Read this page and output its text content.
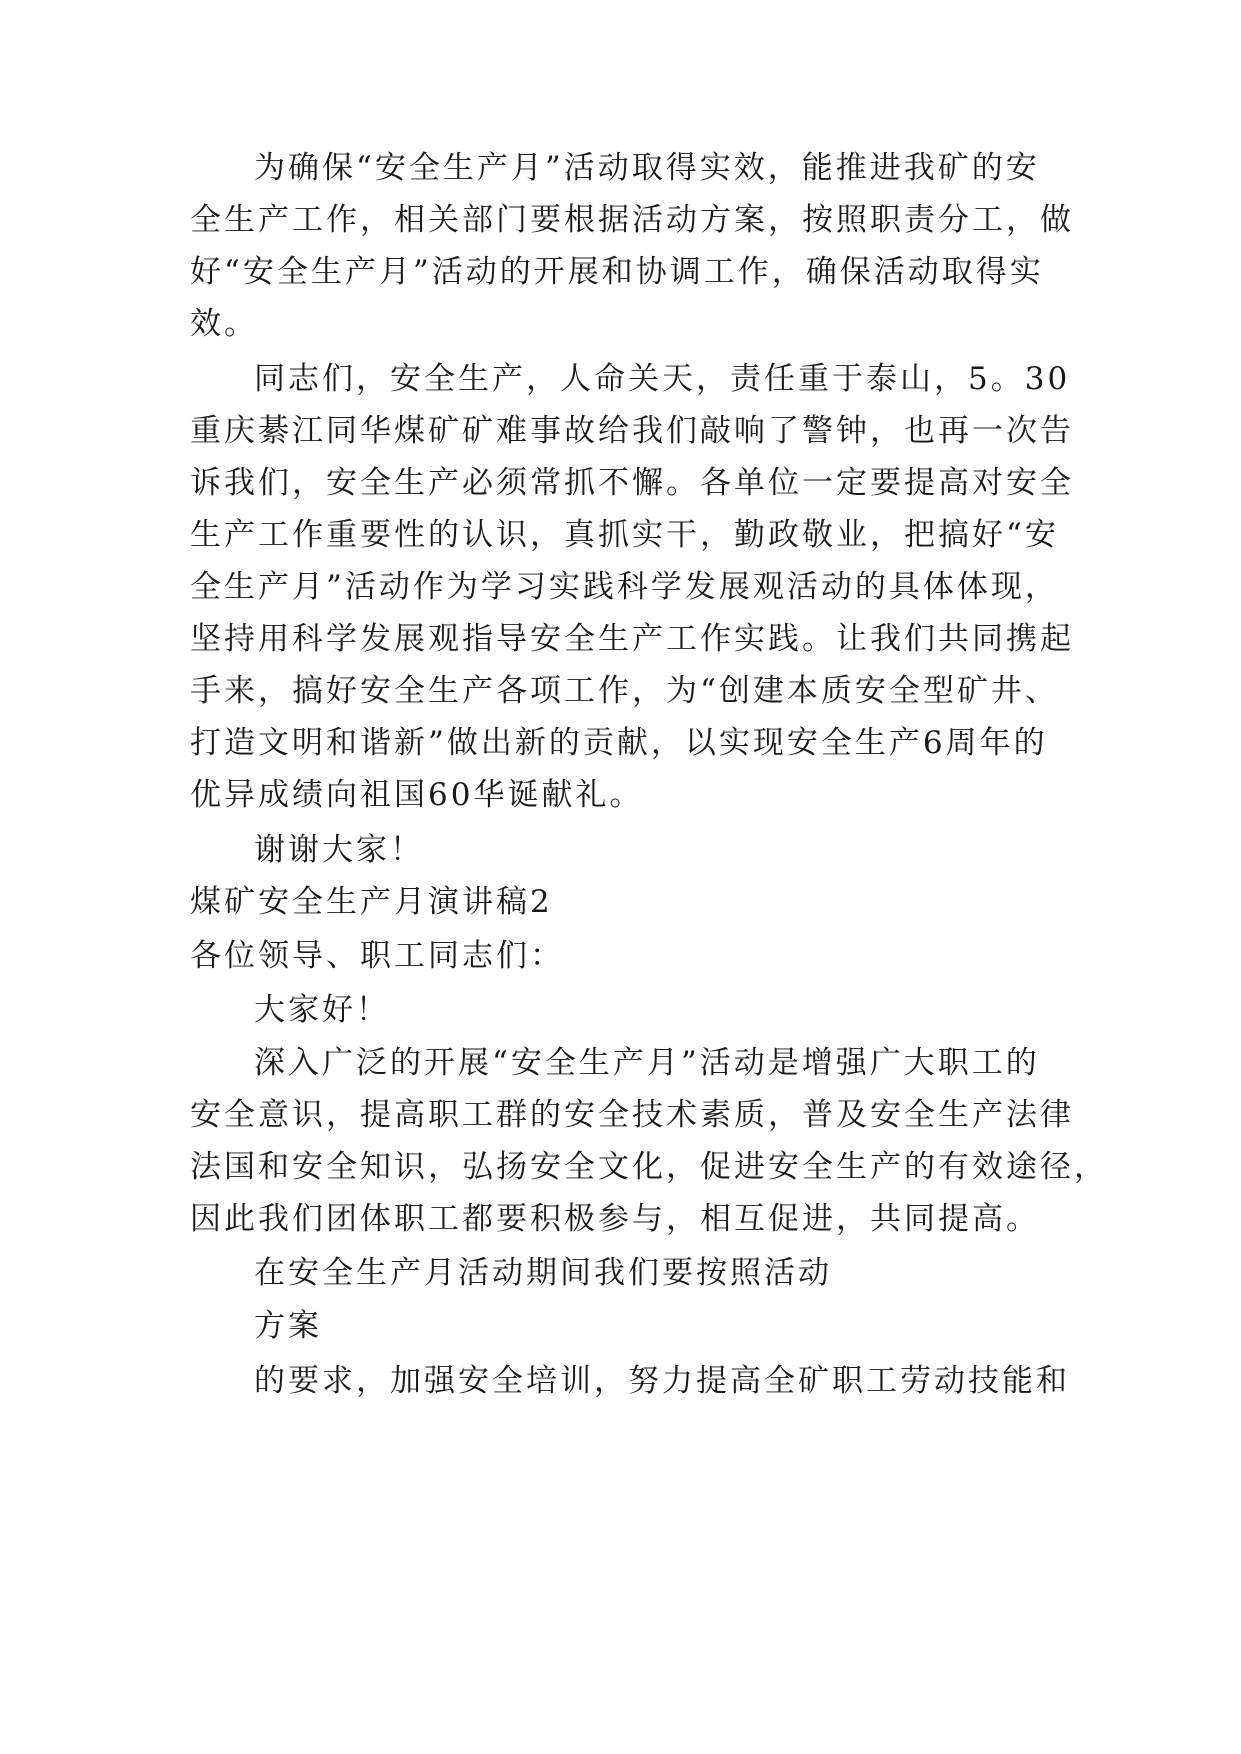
为确保“安全生产月”活动取得实效，能推进我矿的安
全生产工作，相关部门要根据活动方案，按照职责分工，做
好“安全生产月”活动的开展和协调工作，确保活动取得实
效。
同志们，安全生产，人命关天，责任重于泰山，5。30
重庆綦江同华煤矿矿难事故给我们敲响了警钟，也再一次告
诉我们，安全生产必须常抓不懈。各单位一定要提高对安全
生产工作重要性的认识，真抓实干，勤政敬业，把搞好“安
全生产月”活动作为学习实践科学发展观活动的具体体现，
坚持用科学发展观指导安全生产工作实践。让我们共同携起
手来，搞好安全生产各项工作，为“创建本质安全型矿井、
打造文明和谐新”做出新的贡献，以实现安全生产6周年的
优异成绩向祖国60华诞献礼。
谢谢大家！
煤矿安全生产月演讲稿2
各位领导、职工同志们：
大家好！
深入广泛的开展“安全生产月”活动是增强广大职工的
安全意识，提高职工群的安全技术素质，普及安全生产法律
法国和安全知识，弘扬安全文化，促进安全生产的有效途径，
因此我们团体职工都要积极参与，相互促进，共同提高。
在安全生产月活动期间我们要按照活动
方案
的要求，加强安全培训，努力提高全矿职工劳动技能和
